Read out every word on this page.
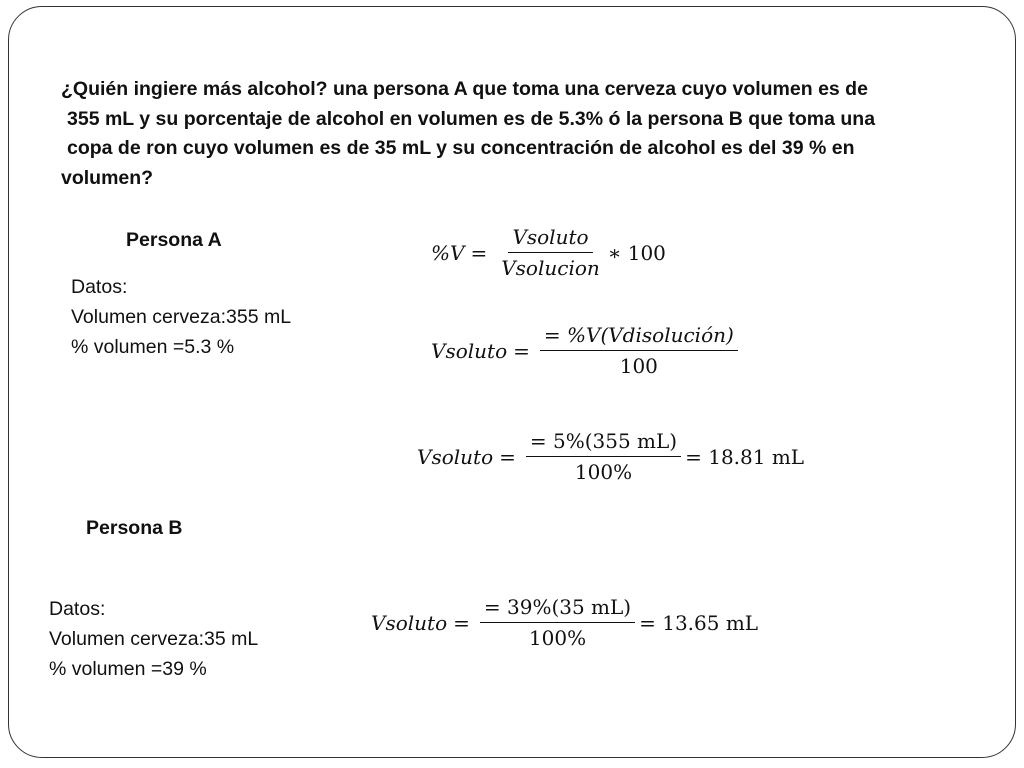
¿Quién ingiere más alcohol? una persona A que toma una cerveza cuyo volumen es de
355 mL y su porcentaje de alcohol en volumen es de 5.3% ó la persona B que toma una
copa de ron cuyo volumen es de 35 mL y su concentración de alcohol es del 39 % en
volumen?
Persona A
Datos:
Volumen cerveza:355 mL
% volumen =5.3 %
$\%V = \frac{\text{Vsoluto}}{\text{Vsolucion}}$ ∗ 100
Vsoluto = $\frac{\text{= \%V(Vdisolución)}}{100}$
Vsoluto = $\frac{= 5\%(355 mL)}{100\%} = 18.81$ mL
Persona B
Datos:
Volumen cerveza:35 mL
% volumen =39 %
Vsoluto = $\frac{= 39\%(35 mL)}{100\%} = 13.65$ mL
